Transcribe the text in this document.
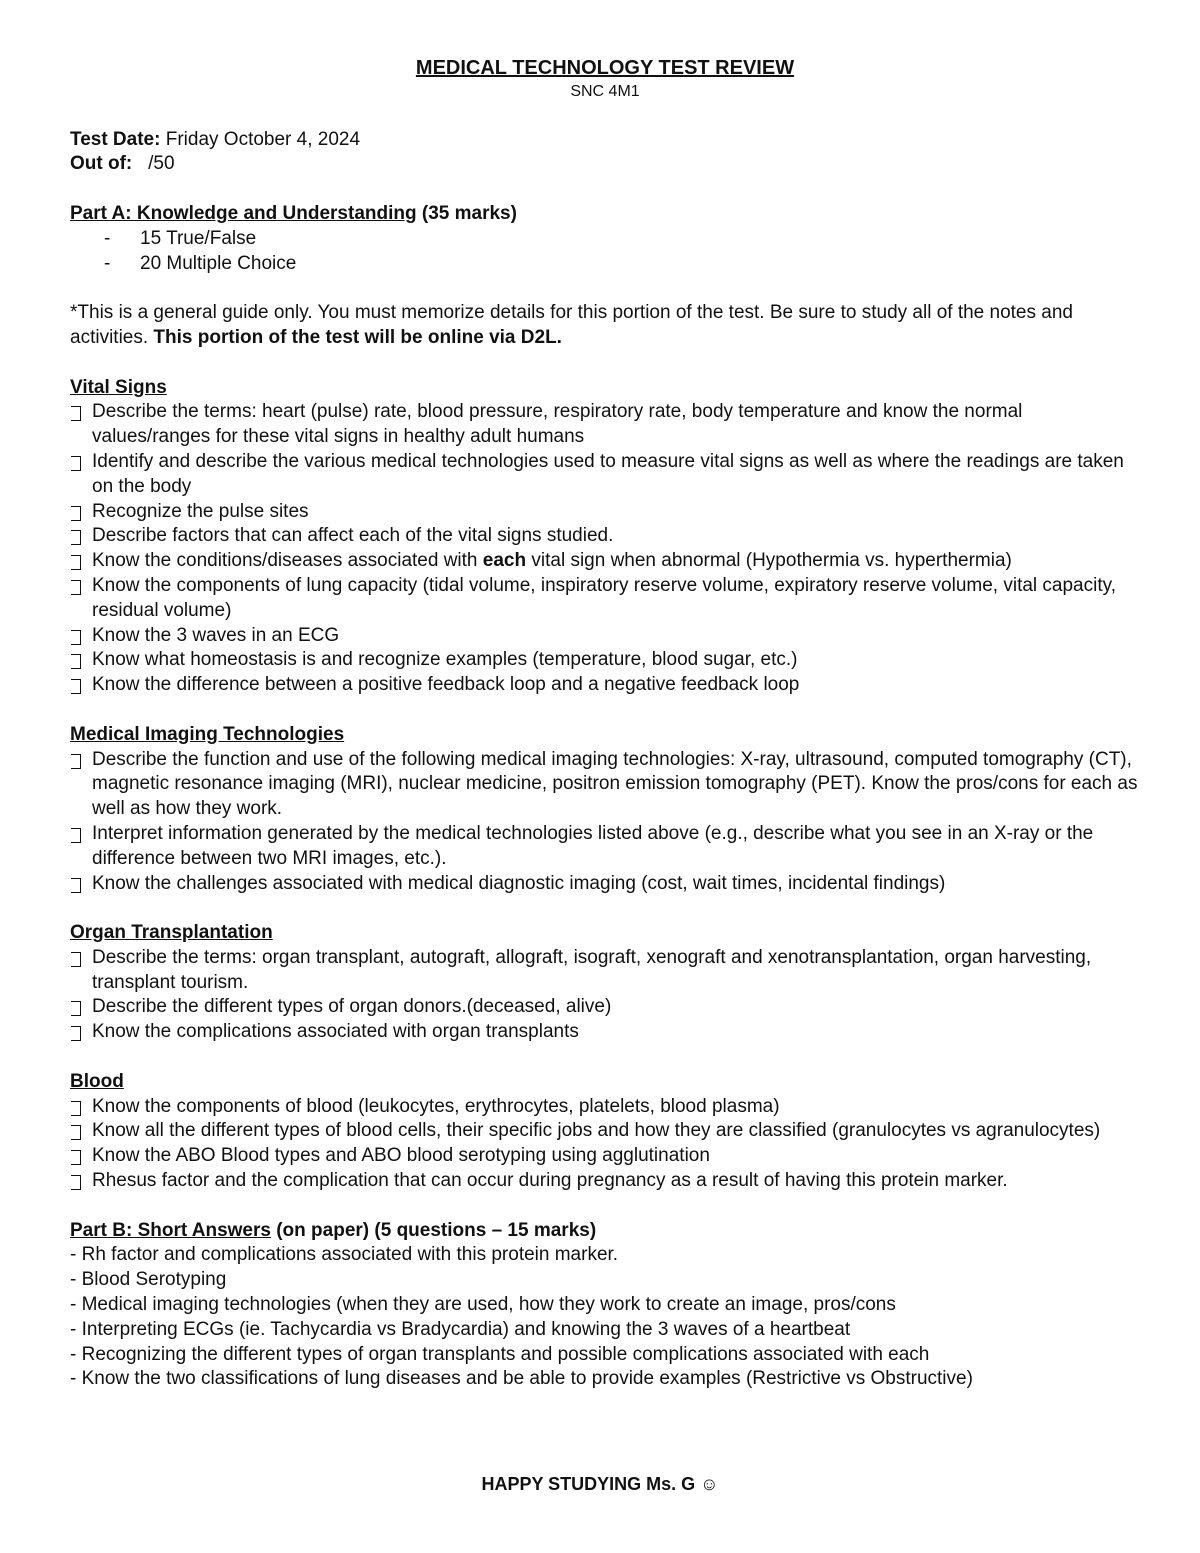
MEDICAL TECHNOLOGY TEST REVIEW
SNC 4M1
Test Date: Friday October 4, 2024
Out of:   /50
Part A: Knowledge and Understanding (35 marks)
- 15 True/False
- 20 Multiple Choice
*This is a general guide only. You must memorize details for this portion of the test. Be sure to study all of the notes and activities. This portion of the test will be online via D2L.
Vital Signs
Describe the terms: heart (pulse) rate, blood pressure, respiratory rate, body temperature and know the normal values/ranges for these vital signs in healthy adult humans
Identify and describe the various medical technologies used to measure vital signs as well as where the readings are taken on the body
Recognize the pulse sites
Describe factors that can affect each of the vital signs studied.
Know the conditions/diseases associated with each vital sign when abnormal (Hypothermia vs. hyperthermia)
Know the components of lung capacity (tidal volume, inspiratory reserve volume, expiratory reserve volume, vital capacity, residual volume)
Know the 3 waves in an ECG
Know what homeostasis is and recognize examples (temperature, blood sugar, etc.)
Know the difference between a positive feedback loop and a negative feedback loop
Medical Imaging Technologies
Describe the function and use of the following medical imaging technologies: X-ray, ultrasound, computed tomography (CT), magnetic resonance imaging (MRI), nuclear medicine, positron emission tomography (PET). Know the pros/cons for each as well as how they work.
Interpret information generated by the medical technologies listed above (e.g., describe what you see in an X-ray or the difference between two MRI images, etc.).
Know the challenges associated with medical diagnostic imaging (cost, wait times, incidental findings)
Organ Transplantation
Describe the terms: organ transplant, autograft, allograft, isograft, xenograft and xenotransplantation, organ harvesting, transplant tourism.
Describe the different types of organ donors.(deceased, alive)
Know the complications associated with organ transplants
Blood
Know the components of blood (leukocytes, erythrocytes, platelets, blood plasma)
Know all the different types of blood cells, their specific jobs and how they are classified (granulocytes vs agranulocytes)
Know the ABO Blood types and ABO blood serotyping using agglutination
Rhesus factor and the complication that can occur during pregnancy as a result of having this protein marker.
Part B: Short Answers (on paper) (5 questions – 15 marks)
- Rh factor and complications associated with this protein marker.
- Blood Serotyping
- Medical imaging technologies (when they are used, how they work to create an image, pros/cons
- Interpreting ECGs (ie. Tachycardia vs Bradycardia) and knowing the 3 waves of a heartbeat
- Recognizing the different types of organ transplants and possible complications associated with each
- Know the two classifications of lung diseases and be able to provide examples (Restrictive vs Obstructive)
HAPPY STUDYING Ms. G ☺
